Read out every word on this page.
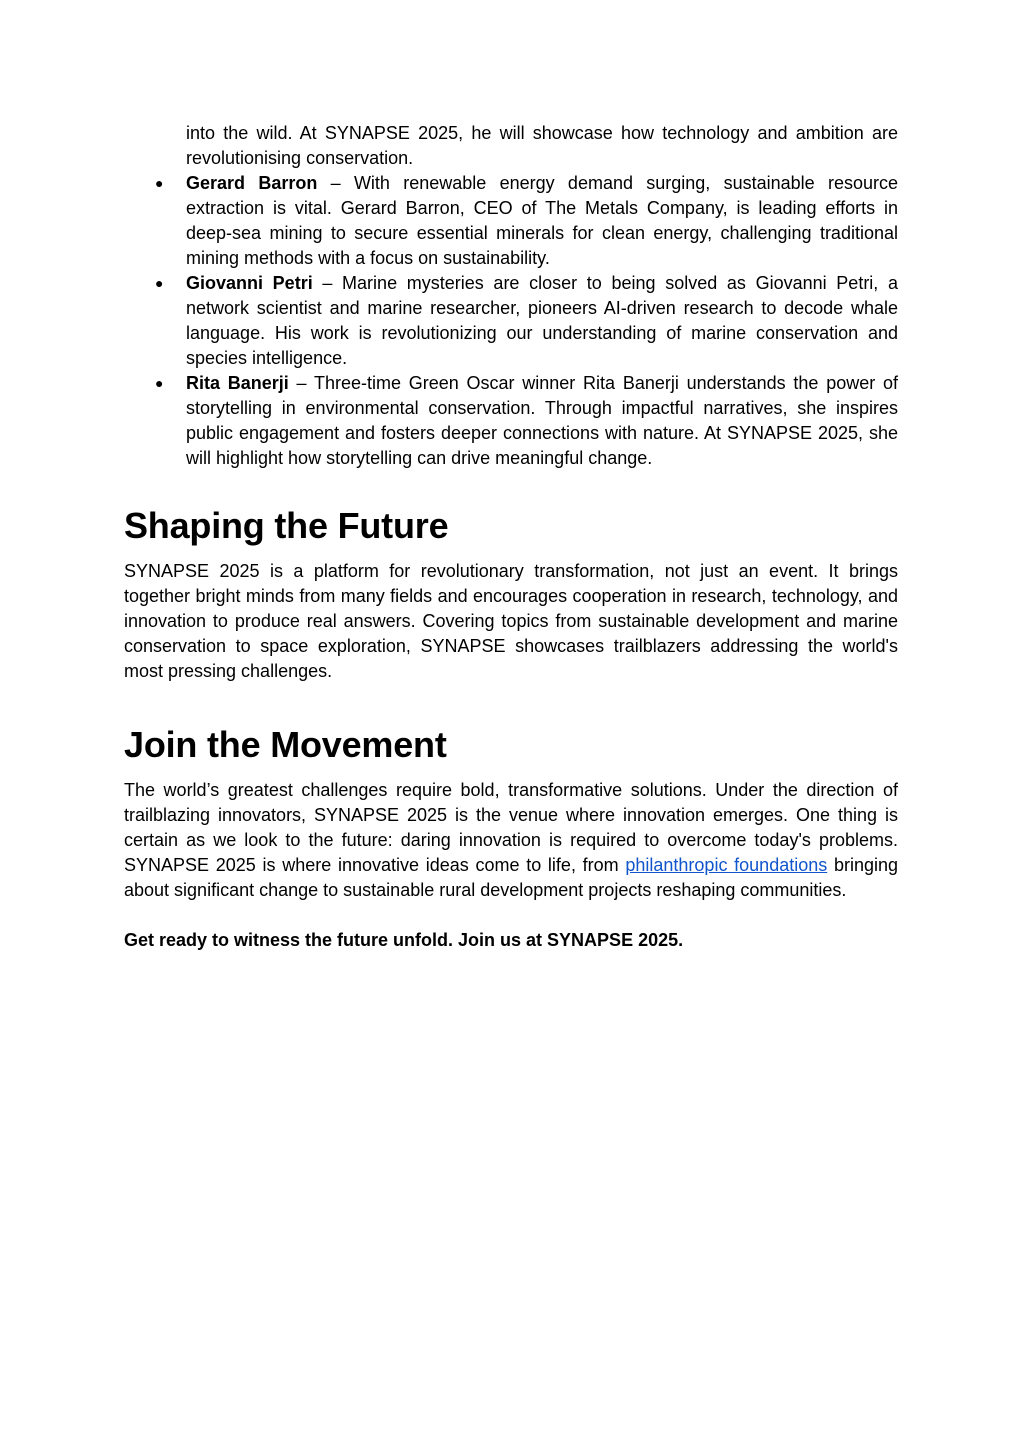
into the wild. At SYNAPSE 2025, he will showcase how technology and ambition are revolutionising conservation.

● Gerard Barron – With renewable energy demand surging, sustainable resource extraction is vital. Gerard Barron, CEO of The Metals Company, is leading efforts in deep-sea mining to secure essential minerals for clean energy, challenging traditional mining methods with a focus on sustainability.
● Giovanni Petri – Marine mysteries are closer to being solved as Giovanni Petri, a network scientist and marine researcher, pioneers AI-driven research to decode whale language. His work is revolutionizing our understanding of marine conservation and species intelligence.
● Rita Banerji – Three-time Green Oscar winner Rita Banerji understands the power of storytelling in environmental conservation. Through impactful narratives, she inspires public engagement and fosters deeper connections with nature. At SYNAPSE 2025, she will highlight how storytelling can drive meaningful change.
Shaping the Future

SYNAPSE 2025 is a platform for revolutionary transformation, not just an event. It brings together bright minds from many fields and encourages cooperation in research, technology, and innovation to produce real answers. Covering topics from sustainable development and marine conservation to space exploration, SYNAPSE showcases trailblazers addressing the world's most pressing challenges.

Join the Movement

The world’s greatest challenges require bold, transformative solutions. Under the direction of trailblazing innovators, SYNAPSE 2025 is the venue where innovation emerges. One thing is certain as we look to the future: daring innovation is required to overcome today's problems. SYNAPSE 2025 is where innovative ideas come to life, from philanthropic foundations bringing about significant change to sustainable rural development projects reshaping communities.

Get ready to witness the future unfold. Join us at SYNAPSE 2025.
